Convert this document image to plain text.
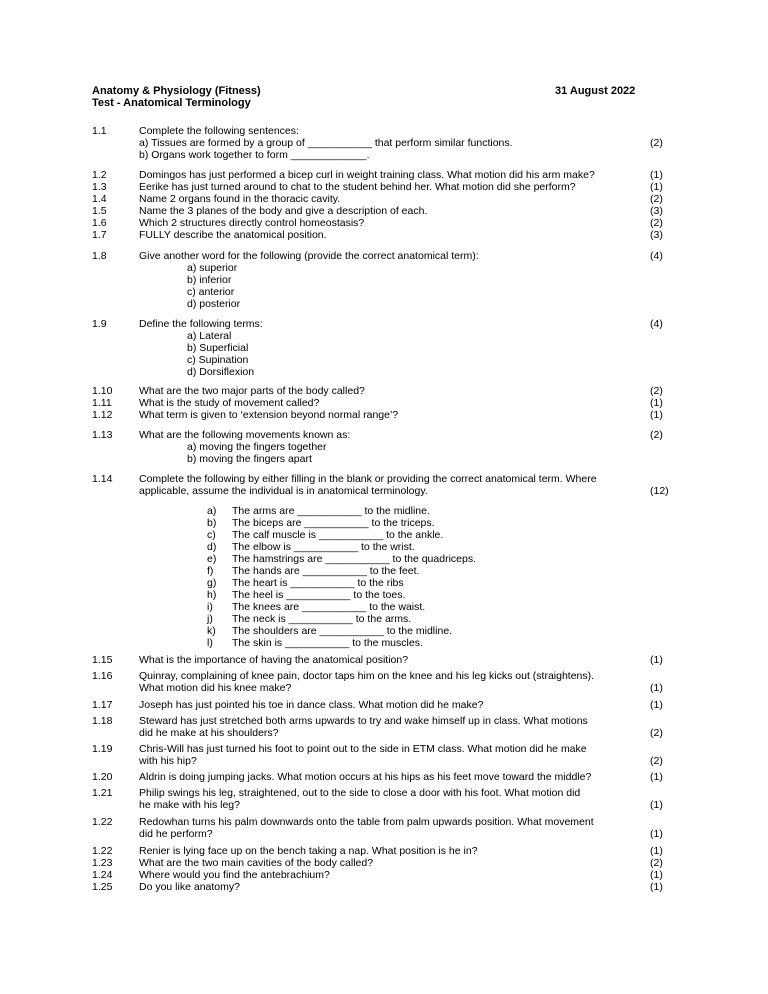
Anatomy & Physiology (Fitness)
Test - Anatomical Terminology
31 August 2022
1.1	Complete the following sentences:
a) Tissues are formed by a group of ___________ that perform similar functions.
b) Organs work together to form _____________.
(2)
1.2	Domingos has just performed a bicep curl in weight training class. What motion did his arm make?	(1)
1.3	Eerike has just turned around to chat to the student behind her. What motion did she perform?	(1)
1.4	Name 2 organs found in the thoracic cavity.	(2)
1.5	Name the 3 planes of the body and give a description of each.	(3)
1.6	Which 2 structures directly control homeostasis?	(2)
1.7	FULLY describe the anatomical position.	(3)
1.8	Give another word for the following (provide the correct anatomical term):	(4)
a) superior
b) inferior
c) anterior
d) posterior
1.9	Define the following terms:	(4)
a) Lateral
b) Superficial
c) Supination
d) Dorsiflexion
1.10	What are the two major parts of the body called?	(2)
1.11	What is the study of movement called?	(1)
1.12	What term is given to ‘extension beyond normal range’?	(1)
1.13	What are the following movements known as:	(2)
a) moving the fingers together
b) moving the fingers apart
1.14	Complete the following by either filling in the blank or providing the correct anatomical term. Where
applicable, assume the individual is in anatomical terminology.	(12)
a) The arms are ___________ to the midline.
b) The biceps are ___________ to the triceps.
c) The calf muscle is ___________ to the ankle.
d) The elbow is ___________ to the wrist.
e) The hamstrings are ___________ to the quadriceps.
f) The hands are ___________ to the feet.
g) The heart is ___________ to the ribs
h) The heel is ___________ to the toes.
i) The knees are ___________ to the waist.
j) The neck is ___________ to the arms.
k) The shoulders are ___________ to the midline.
l) The skin is ___________ to the muscles.
1.15	What is the importance of having the anatomical position?	(1)
1.16	Quinray, complaining of knee pain, doctor taps him on the knee and his leg kicks out (straightens).
What motion did his knee make?	(1)
1.17	Joseph has just pointed his toe in dance class. What motion did he make?	(1)
1.18	Steward has just stretched both arms upwards to try and wake himself up in class. What motions
did he make at his shoulders?	(2)
1.19	Chris-Will has just turned his foot to point out to the side in ETM class. What motion did he make
with his hip?	(2)
1.20	Aldrin is doing jumping jacks. What motion occurs at his hips as his feet move toward the middle?	(1)
1.21	Philip swings his leg, straightened, out to the side to close a door with his foot. What motion did
he make with his leg?	(1)
1.22	Redowhan turns his palm downwards onto the table from palm upwards position. What movement
did he perform?	(1)
1.22	Renier is lying face up on the bench taking a nap. What position is he in?	(1)
1.23	What are the two main cavities of the body called?	(2)
1.24	Where would you find the antebrachium?	(1)
1.25	Do you like anatomy?	(1)
